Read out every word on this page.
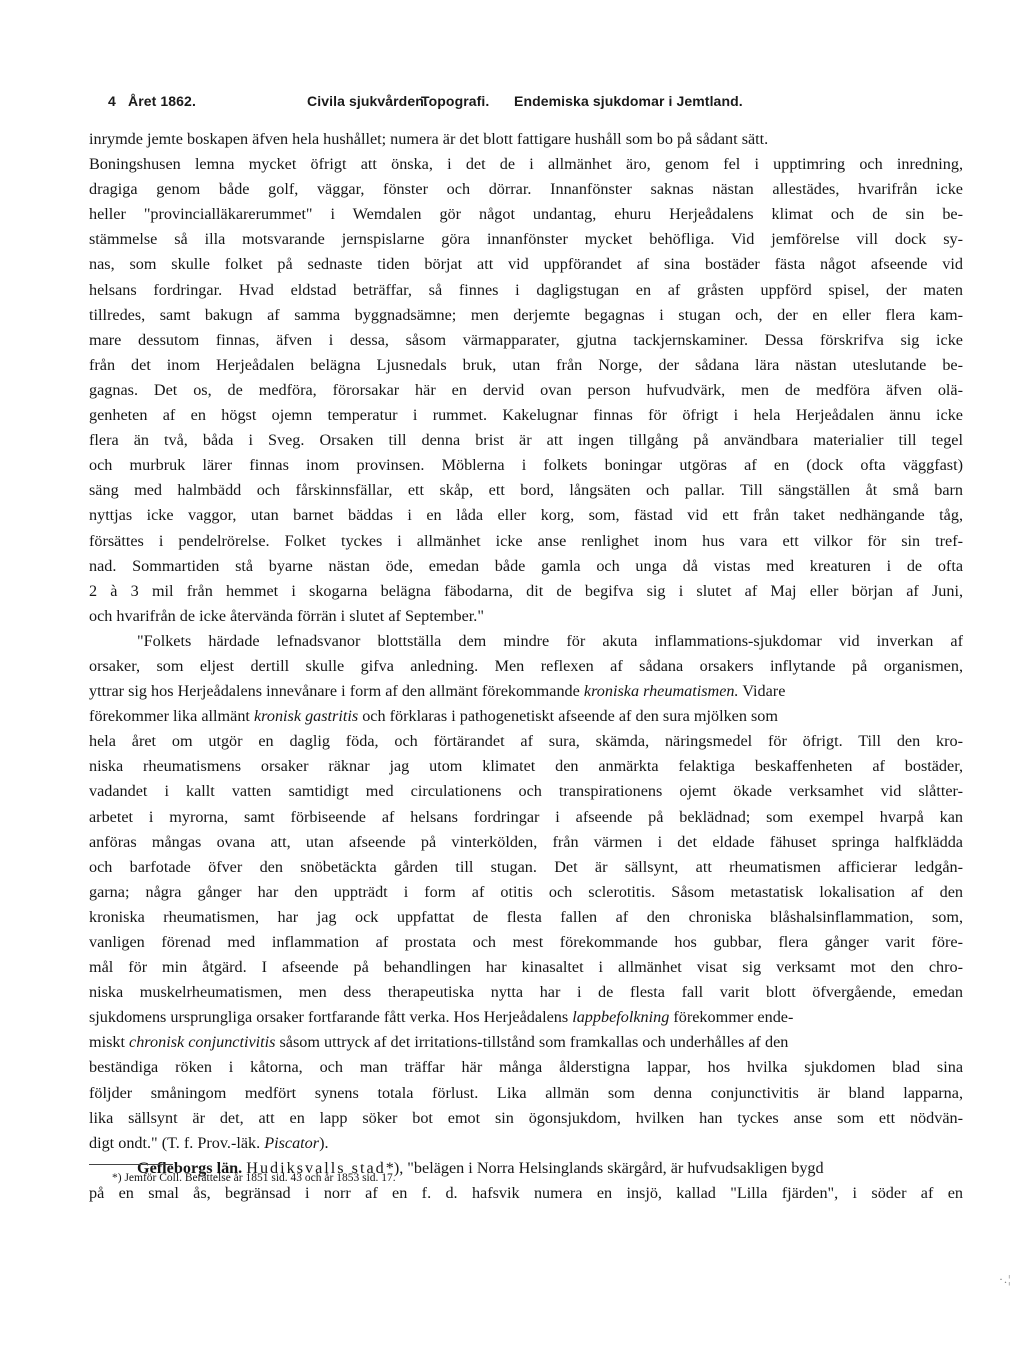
4 Året 1862.	Civila sjukvården.
Topografi. Endemiska sjukdomar i Jemtland.
inrymde jemte boskapen äfven hela hushållet; numera är det blott fattigare hushåll som bo på sådant sätt.
Boningshusen lemna mycket öfrigt att önska, i det de i allmänhet äro, genom fel i upptimring och inredning,
dragiga genom både golf, väggar, fönster och dörrar. Innanfönster saknas nästan allestädes, hvarifrån icke
heller "provincialläkarerummet" i Wemdalen gör något undantag, ehuru Herjeådalens klimat och de sin be-
stämmelse så illa motsvarande jernspislarne göra innanfönster mycket behöfliga. Vid jemförelse vill dock sy-
nas, som skulle folket på sednaste tiden börjat att vid uppförandet af sina bostäder fästa något afseende vid
helsans fordringar. Hvad eldstad beträffar, så finnes i dagligstugan en af gråsten uppförd spisel, der maten
tillredes, samt bakugn af samma byggnadsämne; men derjemte begagnas i stugan och, der en eller flera kam-
mare dessutom finnas, äfven i dessa, såsom värmapparater, gjutna tackjernskaminer. Dessa förskrifva sig icke
från det inom Herjeådalen belägna Ljusnedals bruk, utan från Norge, der sådana lära nästan uteslutande be-
gagnas. Det os, de medföra, förorsakar här en dervid ovan person hufvudvärk, men de medföra äfven olä-
genheten af en högst ojemn temperatur i rummet. Kakelugnar finnas för öfrigt i hela Herjeådalen ännu icke
flera än två, båda i Sveg. Orsaken till denna brist är att ingen tillgång på användbara materialier till tegel
och murbruk lärer finnas inom provinsen. Möblerna i folkets boningar utgöras af en (dock ofta väggfast)
säng med halmbädd och fårskinnsfällar, ett skåp, ett bord, långsäten och pallar. Till sängställen åt små barn
nyttjas icke vaggor, utan barnet bäddas i en låda eller korg, som, fästad vid ett från taket nedhängande tåg,
försättes i pendelrörelse. Folket tyckes i allmänhet icke anse renlighet inom hus vara ett vilkor för sin tref-
nad. Sommartiden stå byarne nästan öde, emedan både gamla och unga då vistas med kreaturen i de ofta
2 à 3 mil från hemmet i skogarna belägna fäbodarna, dit de begifva sig i slutet af Maj eller början af Juni,
och hvarifrån de icke återvända förrän i slutet af September."
"Folkets härdade lefnadsvanor blottställa dem mindre för akuta inflammations-sjukdomar vid inverkan af
orsaker, som eljest dertill skulle gifva anledning. Men reflexen af sådana orsakers inflytande på organismen,
yttrar sig hos Herjeådalens innevånare i form af den allmänt förekommande kroniska rheumatismen. Vidare
förekommer lika allmänt kronisk gastritis och förklaras i pathogenetiskt afseende af den sura mjölken som
hela året om utgör en daglig föda, och förtärandet af sura, skämda, näringsmedel för öfrigt. Till den kro-
niska rheumatismens orsaker räknar jag utom klimatet den anmärkta felaktiga beskaffenheten af bostäder,
vadandet i kallt vatten samtidigt med circulationens och transpirationens ojemt ökade verksamhet vid slåtter-
arbetet i myrorna, samt förbiseende af helsans fordringar i afseende på beklädnad; som exempel hvarpå kan
anföras mångas ovana att, utan afseende på vinterkölden, från värmen i det eldade fähuset springa halfklädda
och barfotade öfver den snöbetäckta gården till stugan. Det är sällsynt, att rheumatismen afficierar ledgån-
garna; några gånger har den uppträdt i form af otitis och sclerotitis. Såsom metastatisk lokalisation af den
kroniska rheumatismen, har jag ock uppfattat de flesta fallen af den chroniska blåshalsinflammation, som,
vanligen förenad med inflammation af prostata och mest förekommande hos gubbar, flera gånger varit före-
mål för min åtgärd. I afseende på behandlingen har kinasaltet i allmänhet visat sig verksamt mot den chro-
niska muskelrheumatismen, men dess therapeutiska nytta har i de flesta fall varit blott öfvergående, emedan
sjukdomens ursprungliga orsaker fortfarande fått verka. Hos Herjeådalens lappbefolkning förekommer ende-
miskt chronisk conjunctivitis såsom uttryck af det irritations-tillstånd som framkallas och underhålles af den
beständiga röken i kåtorna, och man träffar här många ålderstigna lappar, hos hvilka sjukdomen blad sina
följder småningom medfört synens totala förlust. Lika allmän som denna conjunctivitis är bland lapparna,
lika sällsynt är det, att en lapp söker bot emot sin ögonsjukdom, hvilken han tyckes anse som ett nödvän-
digt ondt." (T. f. Prov.-läk. Piscator).
Gefleborgs län. Hudiksvalls stad*), "belägen i Norra Helsinglands skärgård, är hufvudsakligen bygd
på en smal ås, begränsad i norr af en f. d. hafsvik numera en insjö, kallad "Lilla fjärden", i söder af en
*) Jemför Coll. Berättelse år 1851 sid. 43 och år 1853 sid. 17.
·.¦
